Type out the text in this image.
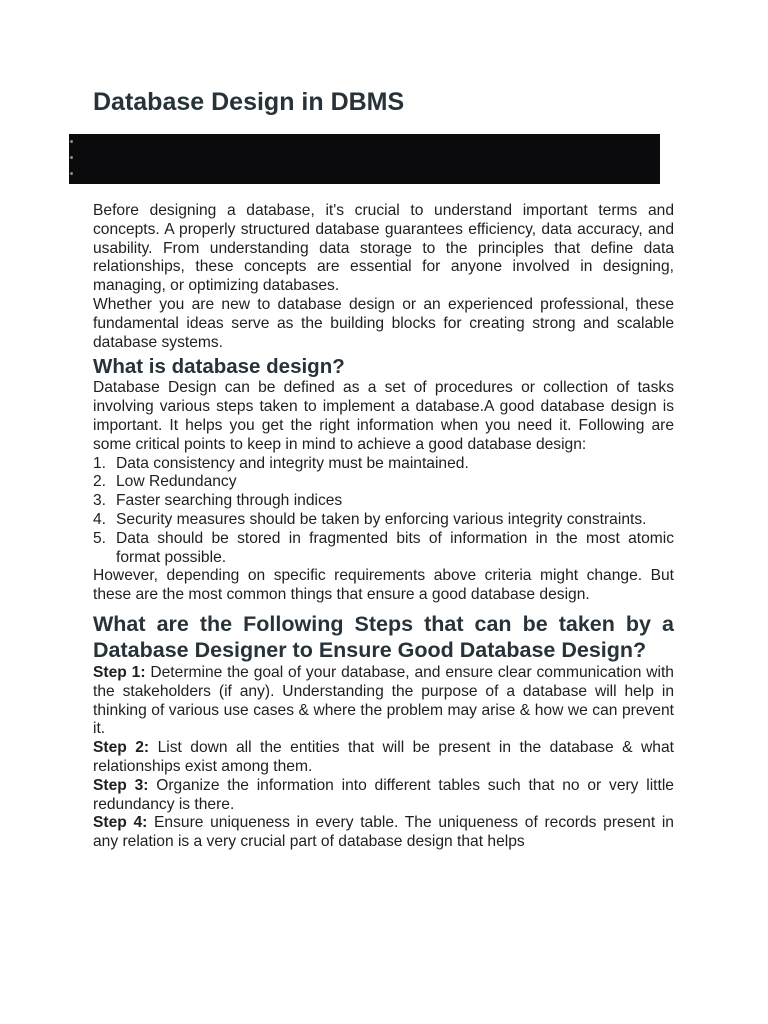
Database Design in DBMS

Before designing a database, it's crucial to understand important terms and concepts. A properly structured database guarantees efficiency, data accuracy, and usability. From understanding data storage to the principles that define data relationships, these concepts are essential for anyone involved in designing, managing, or optimizing databases.

Whether you are new to database design or an experienced professional, these fundamental ideas serve as the building blocks for creating strong and scalable database systems.

What is database design?

Database Design can be defined as a set of procedures or collection of tasks involving various steps taken to implement a database.A good database design is important. It helps you get the right information when you need it. Following are some critical points to keep in mind to achieve a good database design:

1. Data consistency and integrity must be maintained.
2. Low Redundancy
3. Faster searching through indices
4. Security measures should be taken by enforcing various integrity constraints.
5. Data should be stored in fragmented bits of information in the most atomic format possible.

However, depending on specific requirements above criteria might change. But these are the most common things that ensure a good database design.

What are the Following Steps that can be taken by a Database Designer to Ensure Good Database Design?

Step 1: Determine the goal of your database, and ensure clear communication with the stakeholders (if any). Understanding the purpose of a database will help in thinking of various use cases & where the problem may arise & how we can prevent it.

Step 2: List down all the entities that will be present in the database & what relationships exist among them.

Step 3: Organize the information into different tables such that no or very little redundancy is there.

Step 4: Ensure uniqueness in every table. The uniqueness of records present in any relation is a very crucial part of database design that helps
